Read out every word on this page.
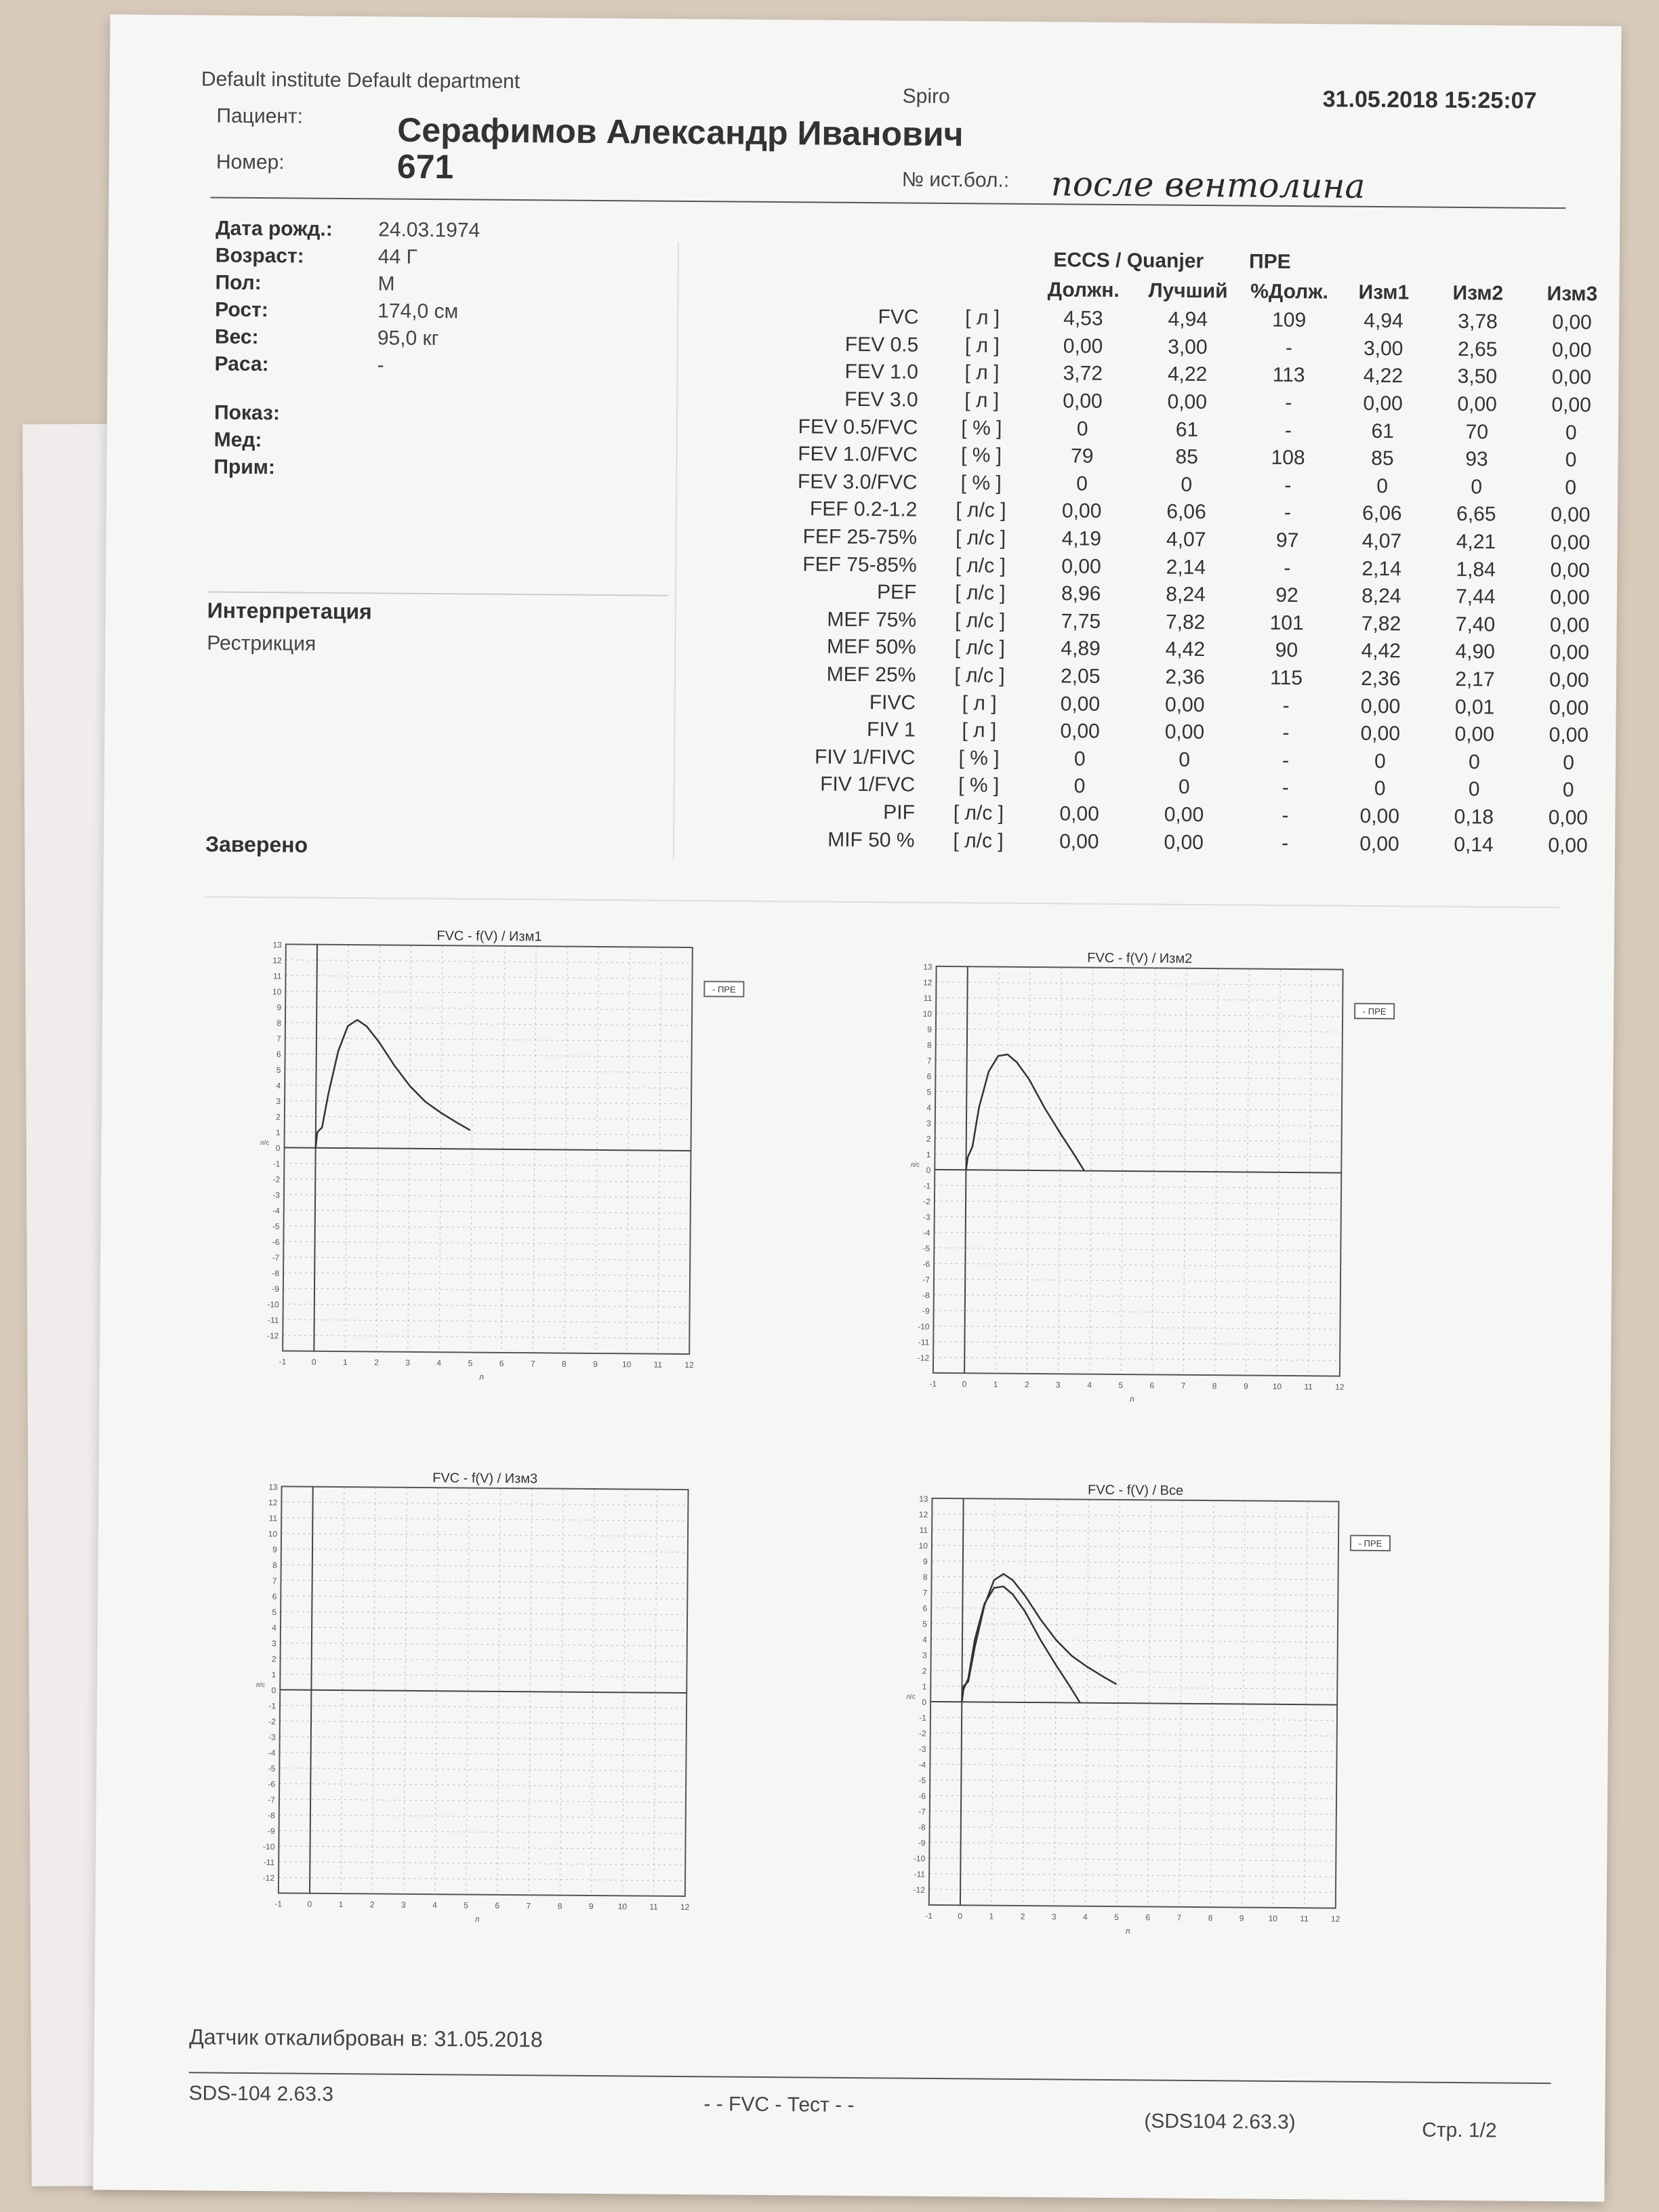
Default institute Default department
Spiro	31.05.2018 15:25:07
Пациент:	Серафимов Александр Иванович
Номер:	671	№ ист.бол.: после вентолина
Дата рожд.:	24.03.1974
Возраст:	44 Г
Пол:	М
Рост:	174,0 см
Вес:	95,0 кг
Раса:	-
Показ:
Мед:
Прим:
Интерпретация
Рестрикция
Заверено
		ECCS / Quanjer		ПРЕ				
		Должн.	Лучший	%Долж.	Изм1	Изм2	Изм3	
FVC	[ л ]	4,53	4,94	109	4,94	3,78	0,00	
FEV 0.5	[ л ]	0,00	3,00	-	3,00	2,65	0,00	
FEV 1.0	[ л ]	3,72	4,22	113	4,22	3,50	0,00	
FEV 3.0	[ л ]	0,00	0,00	-	0,00	0,00	0,00	
FEV 0.5/FVC	[ % ]	0	61	-	61	70	0	
FEV 1.0/FVC	[ % ]	79	85	108	85	93	0	
FEV 3.0/FVC	[ % ]	0	0	-	0	0	0	
FEF 0.2-1.2	[ л/с ]	0,00	6,06	-	6,06	6,65	0,00	
FEF 25-75%	[ л/с ]	4,19	4,07	97	4,07	4,21	0,00	
FEF 75-85%	[ л/с ]	0,00	2,14	-	2,14	1,84	0,00	
PEF	[ л/с ]	8,96	8,24	92	8,24	7,44	0,00	
MEF 75%	[ л/с ]	7,75	7,82	101	7,82	7,40	0,00	
MEF 50%	[ л/с ]	4,89	4,42	90	4,42	4,90	0,00	
MEF 25%	[ л/с ]	2,05	2,36	115	2,36	2,17	0,00	
FIVC	[ л ]	0,00	0,00	-	0,00	0,01	0,00	
FIV 1	[ л ]	0,00	0,00	-	0,00	0,00	0,00	
FIV 1/FIVC	[ % ]	0	0	-	0	0	0	
FIV 1/FVC	[ % ]	0	0	-	0	0	0	
PIF	[ л/с ]	0,00	0,00	-	0,00	0,18	0,00	
MIF 50 %	[ л/с ]	0,00	0,00	-	0,00	0,14	0,00	
FVC - f(V) / Изм1
-12
-11
-10
-9
-8
-7
-6
-5
-4
-3
-2
-1
0
1
2
3
4
5
6
7
8
9
10
11
12
13
-1	0	1	2	3	4	5	6	7	8	9	10	11	12
л
л/с
- ПРЕ
FVC - f(V) / Изм2
-12
-11
-10
-9
-8
-7
-6
-5
-4
-3
-2
-1
0
1
2
3
4
5
6
7
8
9
10
11
12
13
-1	0	1	2	3	4	5	6	7	8	9	10	11	12
л
л/с
- ПРЕ
FVC - f(V) / Изм3
-12
-11
-10
-9
-8
-7
-6
-5
-4
-3
-2
-1
0
1
2
3
4
5
6
7
8
9
10
11
12
13
-1	0	1	2	3	4	5	6	7	8	9	10	11	12
л
л/с
FVC - f(V) / Все
-12
-11
-10
-9
-8
-7
-6
-5
-4
-3
-2
-1
0
1
2
3
4
5
6
7
8
9
10
11
12
13
-1	0	1	2	3	4	5	6	7	8	9	10	11	12
л
л/с
- ПРЕ
Датчик откалиброван в: 31.05.2018
SDS-104 2.63.3	- - FVC - Тест - -
(SDS104 2.63.3)	Стр. 1/2
